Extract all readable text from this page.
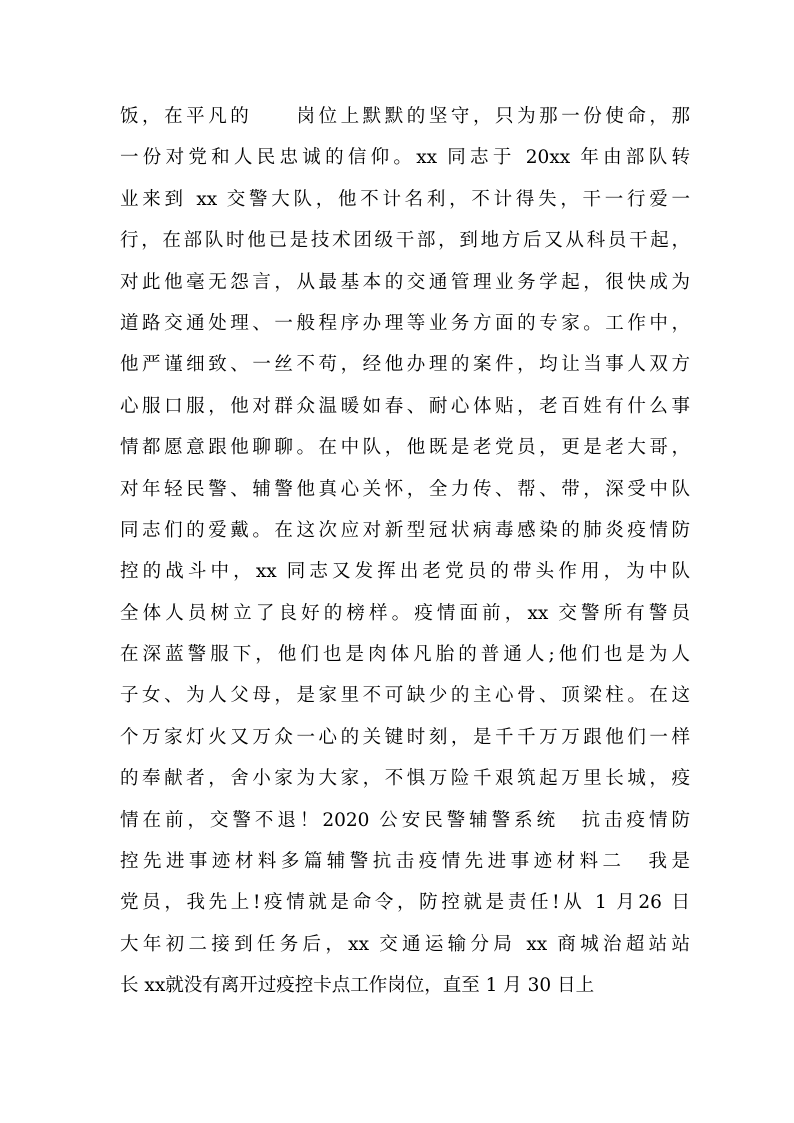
饭，在平凡的　　岗位上默默的坚守，只为那一份使命，那
一份对党和人民忠诚的信仰。xx 同志于 20xx 年由部队转
业来到 xx 交警大队，他不计名利，不计得失，干一行爱一
行，在部队时他已是技术团级干部，到地方后又从科员干起，
对此他毫无怨言，从最基本的交通管理业务学起，很快成为
道路交通处理、一般程序办理等业务方面的专家。工作中，
他严谨细致、一丝不苟，经他办理的案件，均让当事人双方
心服口服，他对群众温暖如春、耐心体贴，老百姓有什么事
情都愿意跟他聊聊。在中队，他既是老党员，更是老大哥，
对年轻民警、辅警他真心关怀，全力传、帮、带，深受中队
同志们的爱戴。在这次应对新型冠状病毒感染的肺炎疫情防
控的战斗中，xx 同志又发挥出老党员的带头作用，为中队
全体人员树立了良好的榜样。疫情面前，xx 交警所有警员
在深蓝警服下，他们也是肉体凡胎的普通人;他们也是为人
子女、为人父母，是家里不可缺少的主心骨、顶梁柱。在这
个万家灯火又万众一心的关键时刻，是千千万万跟他们一样
的奉献者，舍小家为大家，不惧万险千艰筑起万里长城，疫
情在前，交警不退！2020 公安民警辅警系统　抗击疫情防
控先进事迹材料多篇辅警抗击疫情先进事迹材料二　我是
党员，我先上!疫情就是命令，防控就是责任!从 1 月26 日
大年初二接到任务后，xx 交通运输分局 xx 商城治超站站
长 xx就没有离开过疫控卡点工作岗位，直至 1 月 30 日上
